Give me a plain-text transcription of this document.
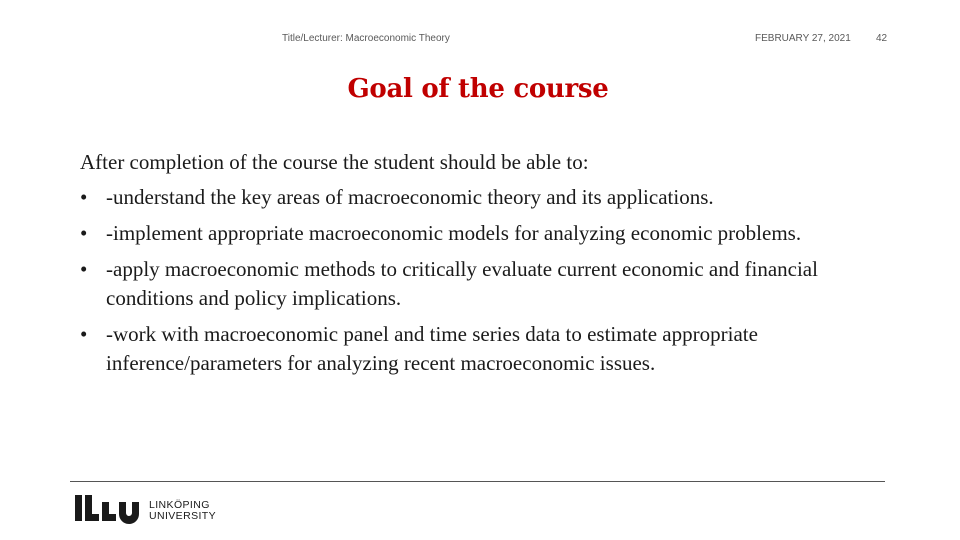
Title/Lecturer: Macroeconomic Theory	FEBRUARY 27, 2021	42
Goal of the course

After completion of the course the student should be able to:

• -understand the key areas of macroeconomic theory and its applications.
• -implement appropriate macroeconomic models for analyzing economic problems.
• -apply macroeconomic methods to critically evaluate current economic and financial conditions and policy implications.
• -work with macroeconomic panel and time series data to estimate appropriate inference/parameters for analyzing recent macroeconomic issues.
LINKÖPING
UNIVERSITY
